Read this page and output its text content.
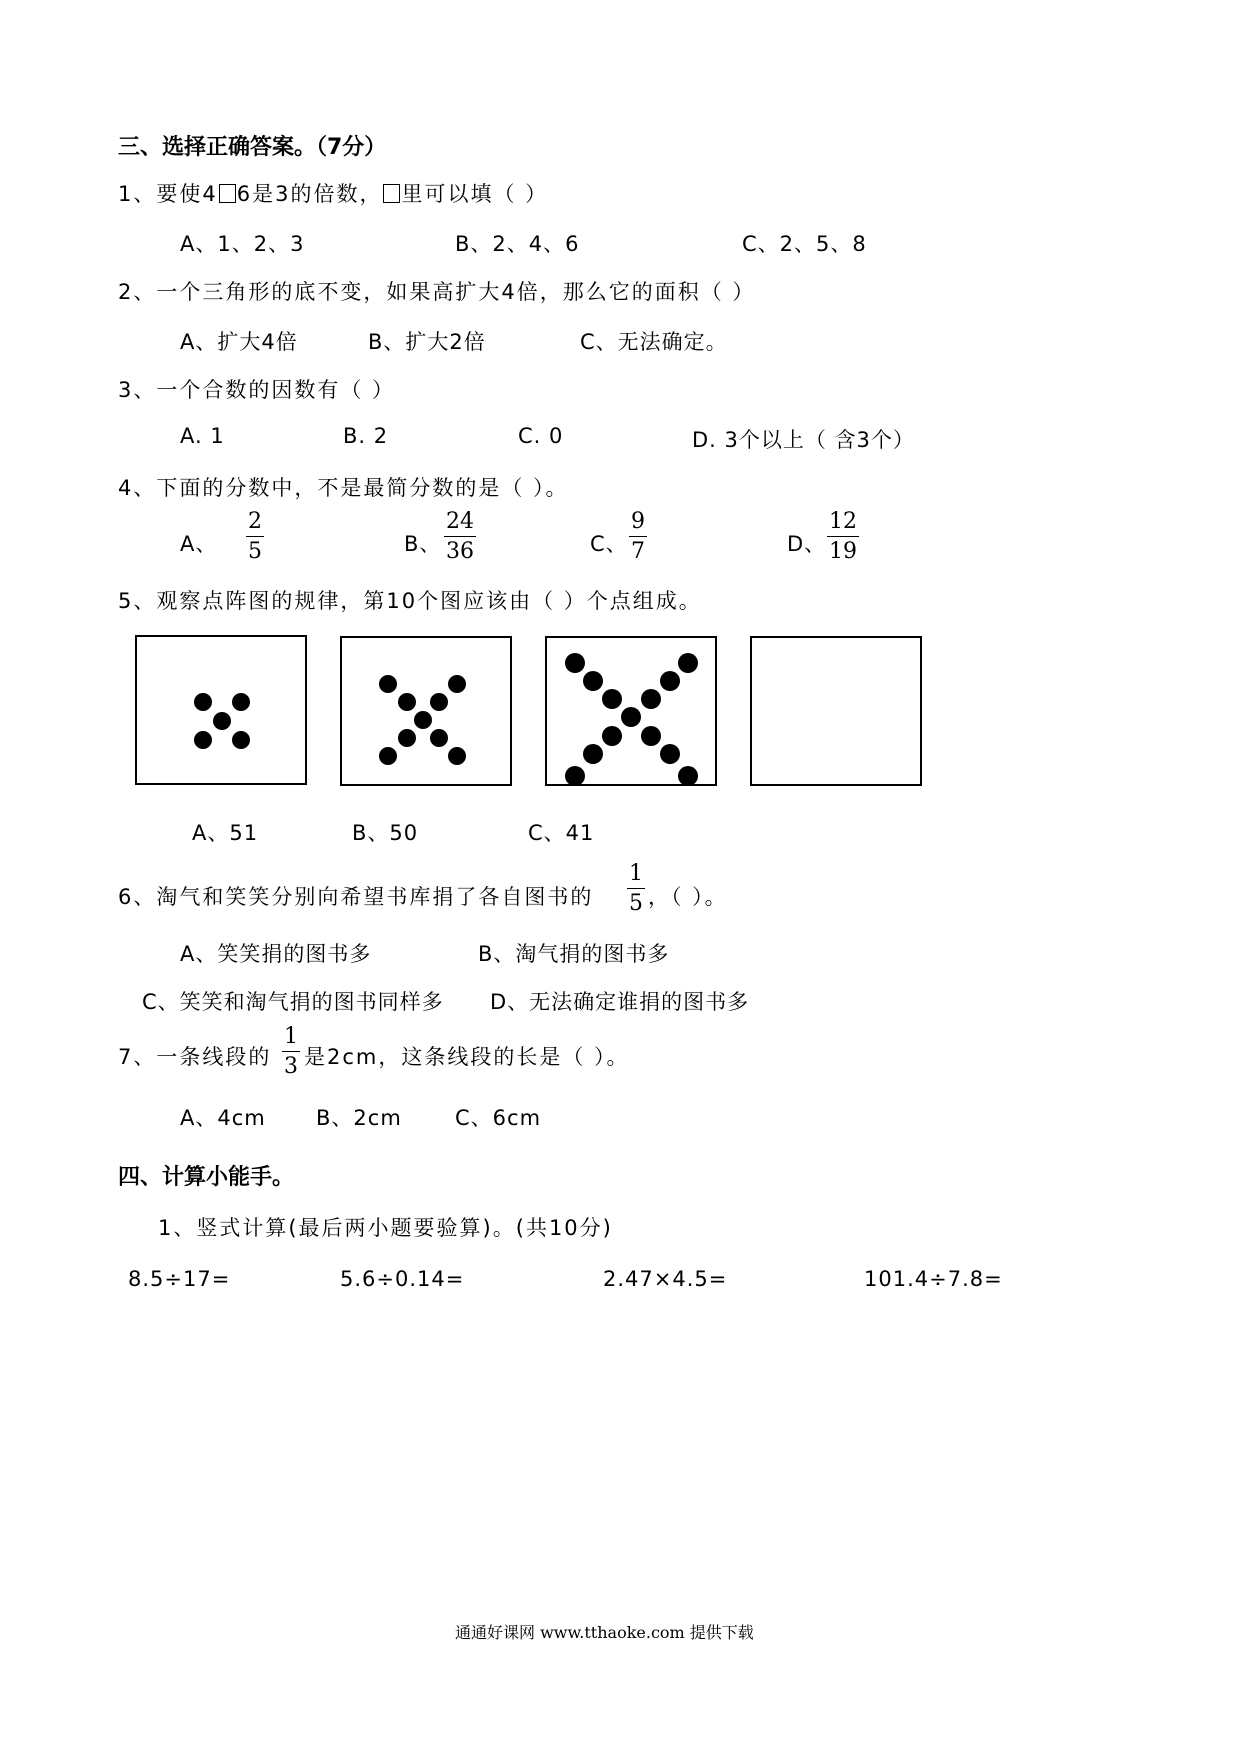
三、选择正确答案。（7分）
1、要使4 6是3的倍数， 里可以填（ ）
A、1、2、3	B、2、4、6	C、2、5、8
2、一个三角形的底不变，如果高扩大4倍，那么它的面积（ ）
A、扩大4倍	B、扩大2倍	C、无法确定。
3、一个合数的因数有（ ）
A. 1	B. 2	C. 0	D. 3个以上（ 含3个）
4、下面的分数中，不是最简分数的是（ ）。
A、
2
5	B、
24
36	C、
9
7	D、
12
19
5、观察点阵图的规律，第10个图应该由（ ）个点组成。
A、51	B、50	C、41
6、淘气和笑笑分别向希望书库捐了各自图书的
1
5 ，（ ）。
A、笑笑捐的图书多	B、淘气捐的图书多
C、笑笑和淘气捐的图书同样多 D、无法确定谁捐的图书多
7、一条线段的
1
3 是2cm，这条线段的长是（ ）。
A、4cm B、2cm	C、6cm
四、计算小能手。
1、竖式计算(最后两小题要验算)。(共10分)
8.5÷17=	5.6÷0.14=	2.47×4.5=	101.4÷7.8=
通通好课网 www.tthaoke.com 提供下载
